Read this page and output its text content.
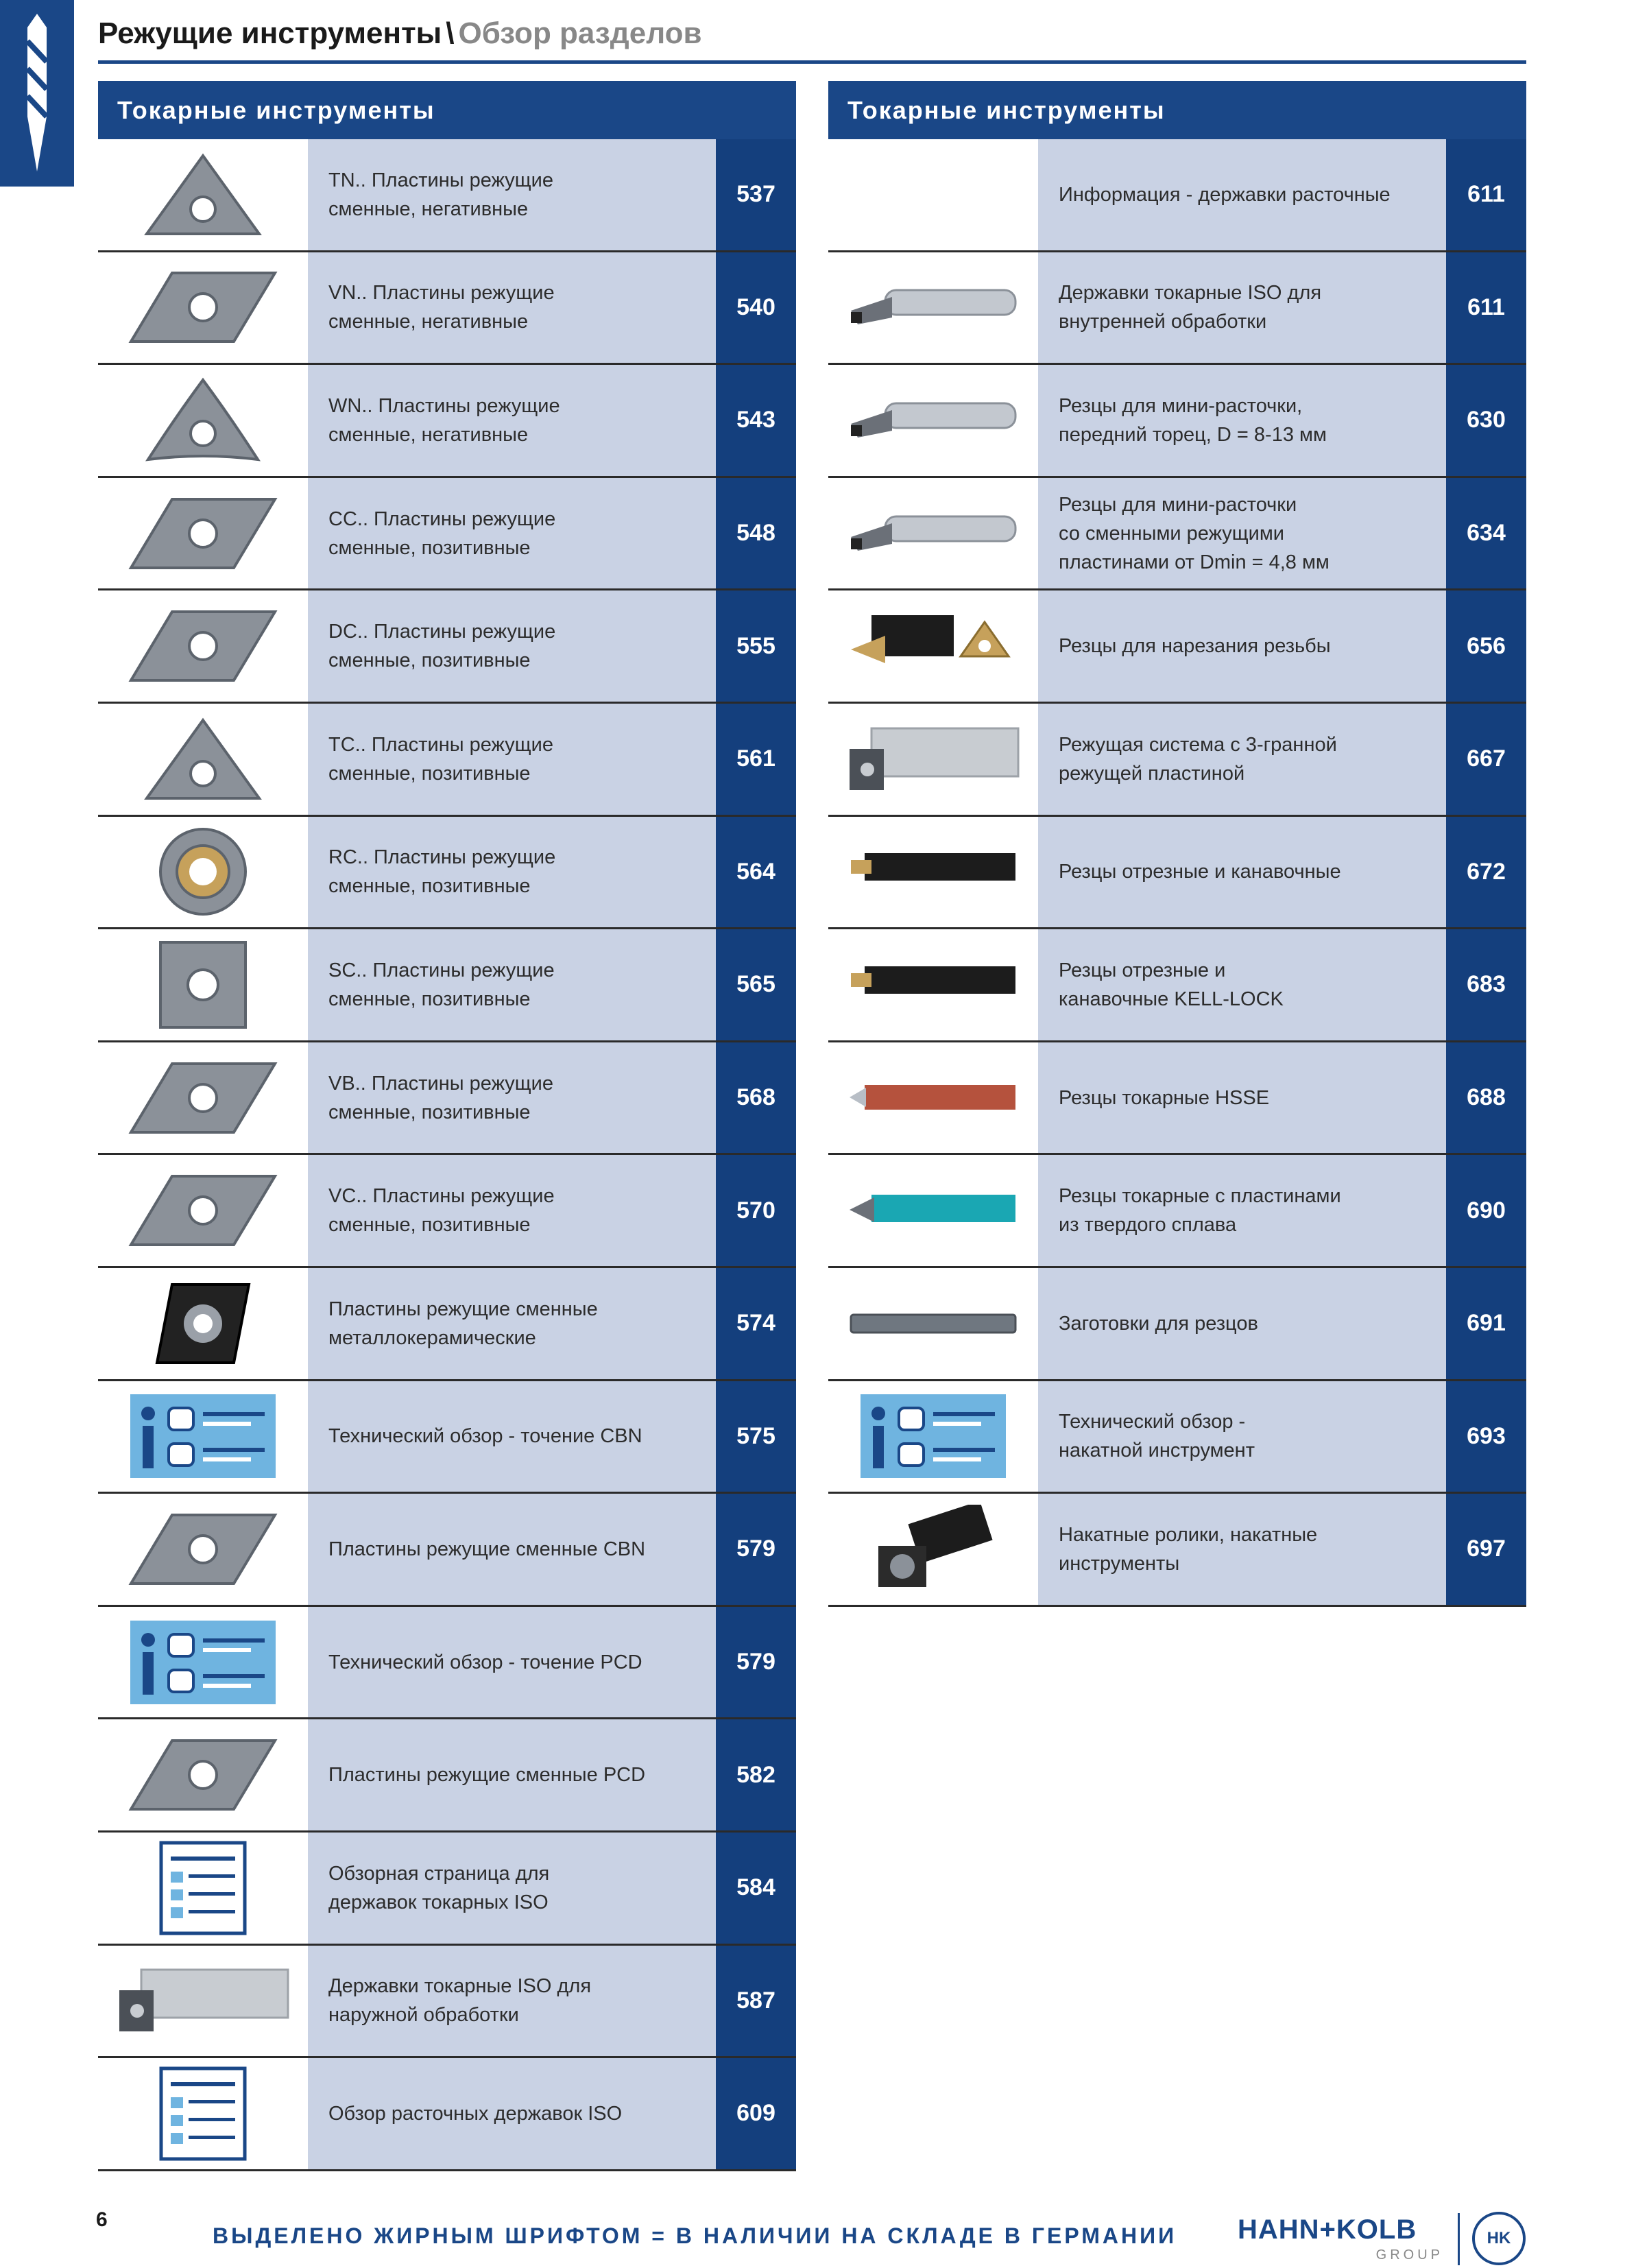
Режущие инструменты \ Обзор разделов
Токарные инструменты
TN.. Пластины режущие
сменные, негативные
537
VN.. Пластины режущие
сменные, негативные
540
WN.. Пластины режущие
сменные, негативные
543
CC.. Пластины режущие
сменные, позитивные
548
DC.. Пластины режущие
сменные, позитивные
555
TC.. Пластины режущие
сменные, позитивные
561
RC.. Пластины режущие
сменные, позитивные
564
SC.. Пластины режущие
сменные, позитивные
565
VB.. Пластины режущие
сменные, позитивные
568
VC.. Пластины режущие
сменные, позитивные
570
Пластины режущие сменные
металлокерамические
574
Технический обзор - точение CBN	575
Пластины режущие сменные CBN	579
Технический обзор - точение PCD	579
Пластины режущие сменные PCD	582
Обзорная страница для
державок токарных ISO
584
Державки токарные ISO для
наружной обработки
587
Обзор расточных державок ISO	609
Токарные инструменты
Информация - державки расточные	611
Державки токарные ISO для
внутренней обработки
611
Резцы для мини-расточки,
передний торец, D = 8-13 мм
630
Резцы для мини-расточки
со сменными режущими
пластинами от Dmin = 4,8 мм
634
Резцы для нарезания резьбы	656
Режущая система с 3-гранной
режущей пластиной
667
Резцы отрезные и канавочные	672
Резцы отрезные и
канавочные KELL-LOCK
683
Резцы токарные HSSE	688
Резцы токарные с пластинами
из твердого сплава
690
Заготовки для резцов	691
Технический обзор -
накатной инструмент
693
Накатные ролики, накатные
инструменты
697
6
ВЫДЕЛЕНО ЖИРНЫМ ШРИФТОМ = В НАЛИЧИИ НА СКЛАДЕ В ГЕРМАНИИ HAHN+KOLB
GROUP
HK
